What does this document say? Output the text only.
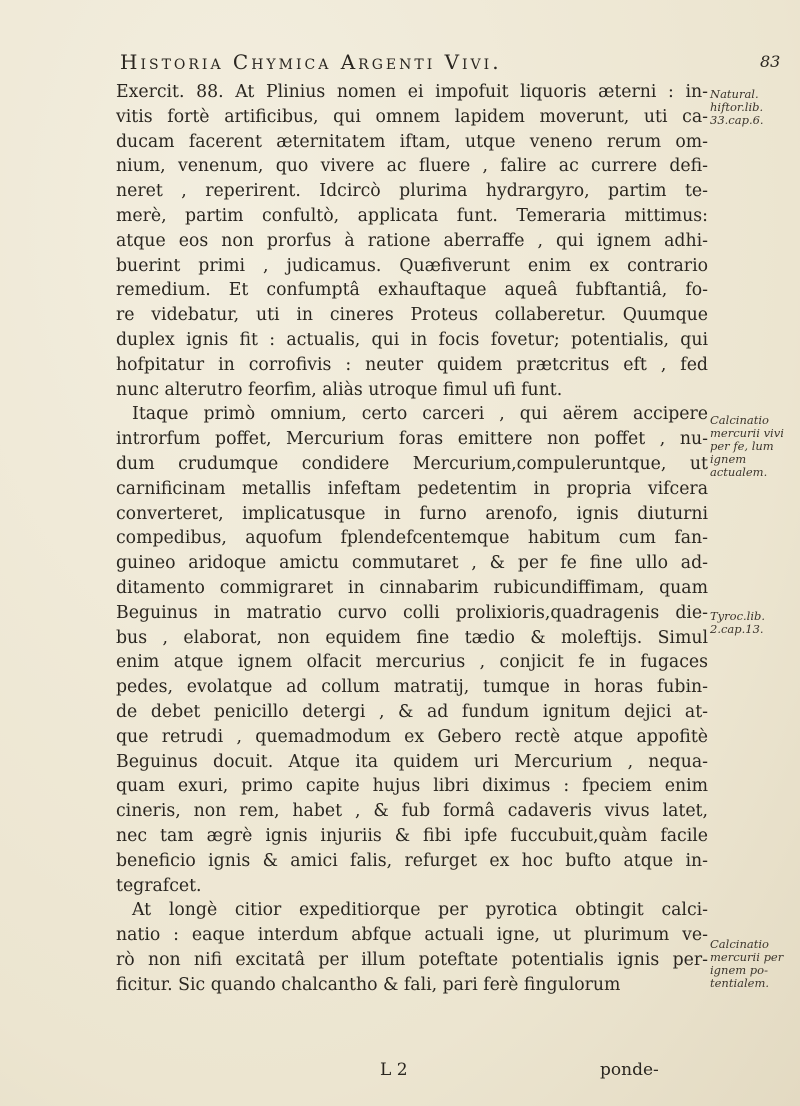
Historia Chymica Argenti Vivi.	83
Exercit. 88. At Plinius nomen ei impofuit liquoris æterni : in-
vitis fortè artificibus, qui omnem lapidem moverunt, uti ca-
ducam facerent æternitatem iftam, utque veneno rerum om-
nium, venenum, quo vivere ac fluere , falire ac currere defi-
neret , reperirent. Idcircò plurima hydrargyro, partim te-
merè, partim confultò, applicata funt. Temeraria mittimus:
atque eos non prorfus à ratione aberraffe , qui ignem adhi-
buerint primi , judicamus. Quæfiverunt enim ex contrario
remedium. Et confumptâ exhauftaque aqueâ fubftantiâ, fo-
re videbatur, uti in cineres Proteus collaberetur. Quumque
duplex ignis fit : actualis, qui in focis fovetur; potentialis, qui
hofpitatur in corrofivis : neuter quidem prætcritus eft , fed
nunc alterutro feorfim, aliàs utroque fimul ufi funt.
Itaque primò omnium, certo carceri , qui aërem accipere
introrfum poffet, Mercurium foras emittere non poffet , nu-
dum crudumque condidere Mercurium,compuleruntque, ut
carnificinam metallis infeftam pedetentim in propria vifcera
converteret, implicatusque in furno arenofo, ignis diuturni
compedibus, aquofum fplendefcentemque habitum cum fan-
guineo aridoque amictu commutaret , & per fe fine ullo ad-
ditamento commigraret in cinnabarim rubicundiffimam, quam
Beguinus in matratio curvo colli prolixioris,quadragenis die-
bus , elaborat, non equidem fine tædio & moleftijs. Simul
enim atque ignem olfacit mercurius , conjicit fe in fugaces
pedes, evolatque ad collum matratij, tumque in horas fubin-
de debet penicillo detergi , & ad fundum ignitum dejici at-
que retrudi , quemadmodum ex Gebero rectè atque appofitè
Beguinus docuit. Atque ita quidem uri Mercurium , nequa-
quam exuri, primo capite hujus libri diximus : fpeciem enim
cineris, non rem, habet , & fub formâ cadaveris vivus latet,
nec tam ægrè ignis injuriis & fibi ipfe fuccubuit,quàm facile
beneficio ignis & amici falis, refurget ex hoc bufto atque in-
tegrafcet.
At longè citior expeditiorque per pyrotica obtingit calci-
natio : eaque interdum abfque actuali igne, ut plurimum ve-
rò non nifi excitatâ per illum poteftate potentialis ignis per-
ficitur. Sic quando chalcantho & fali, pari ferè fingulorum
Natural. hiftor.lib. 33.cap.6.
Calcinatio mercurii vivi per fe, lum ignem actualem.
Tyroc.lib. 2.cap.13.
Calcinatio mercurii per ignem po- tentialem.
L 2	ponde-
